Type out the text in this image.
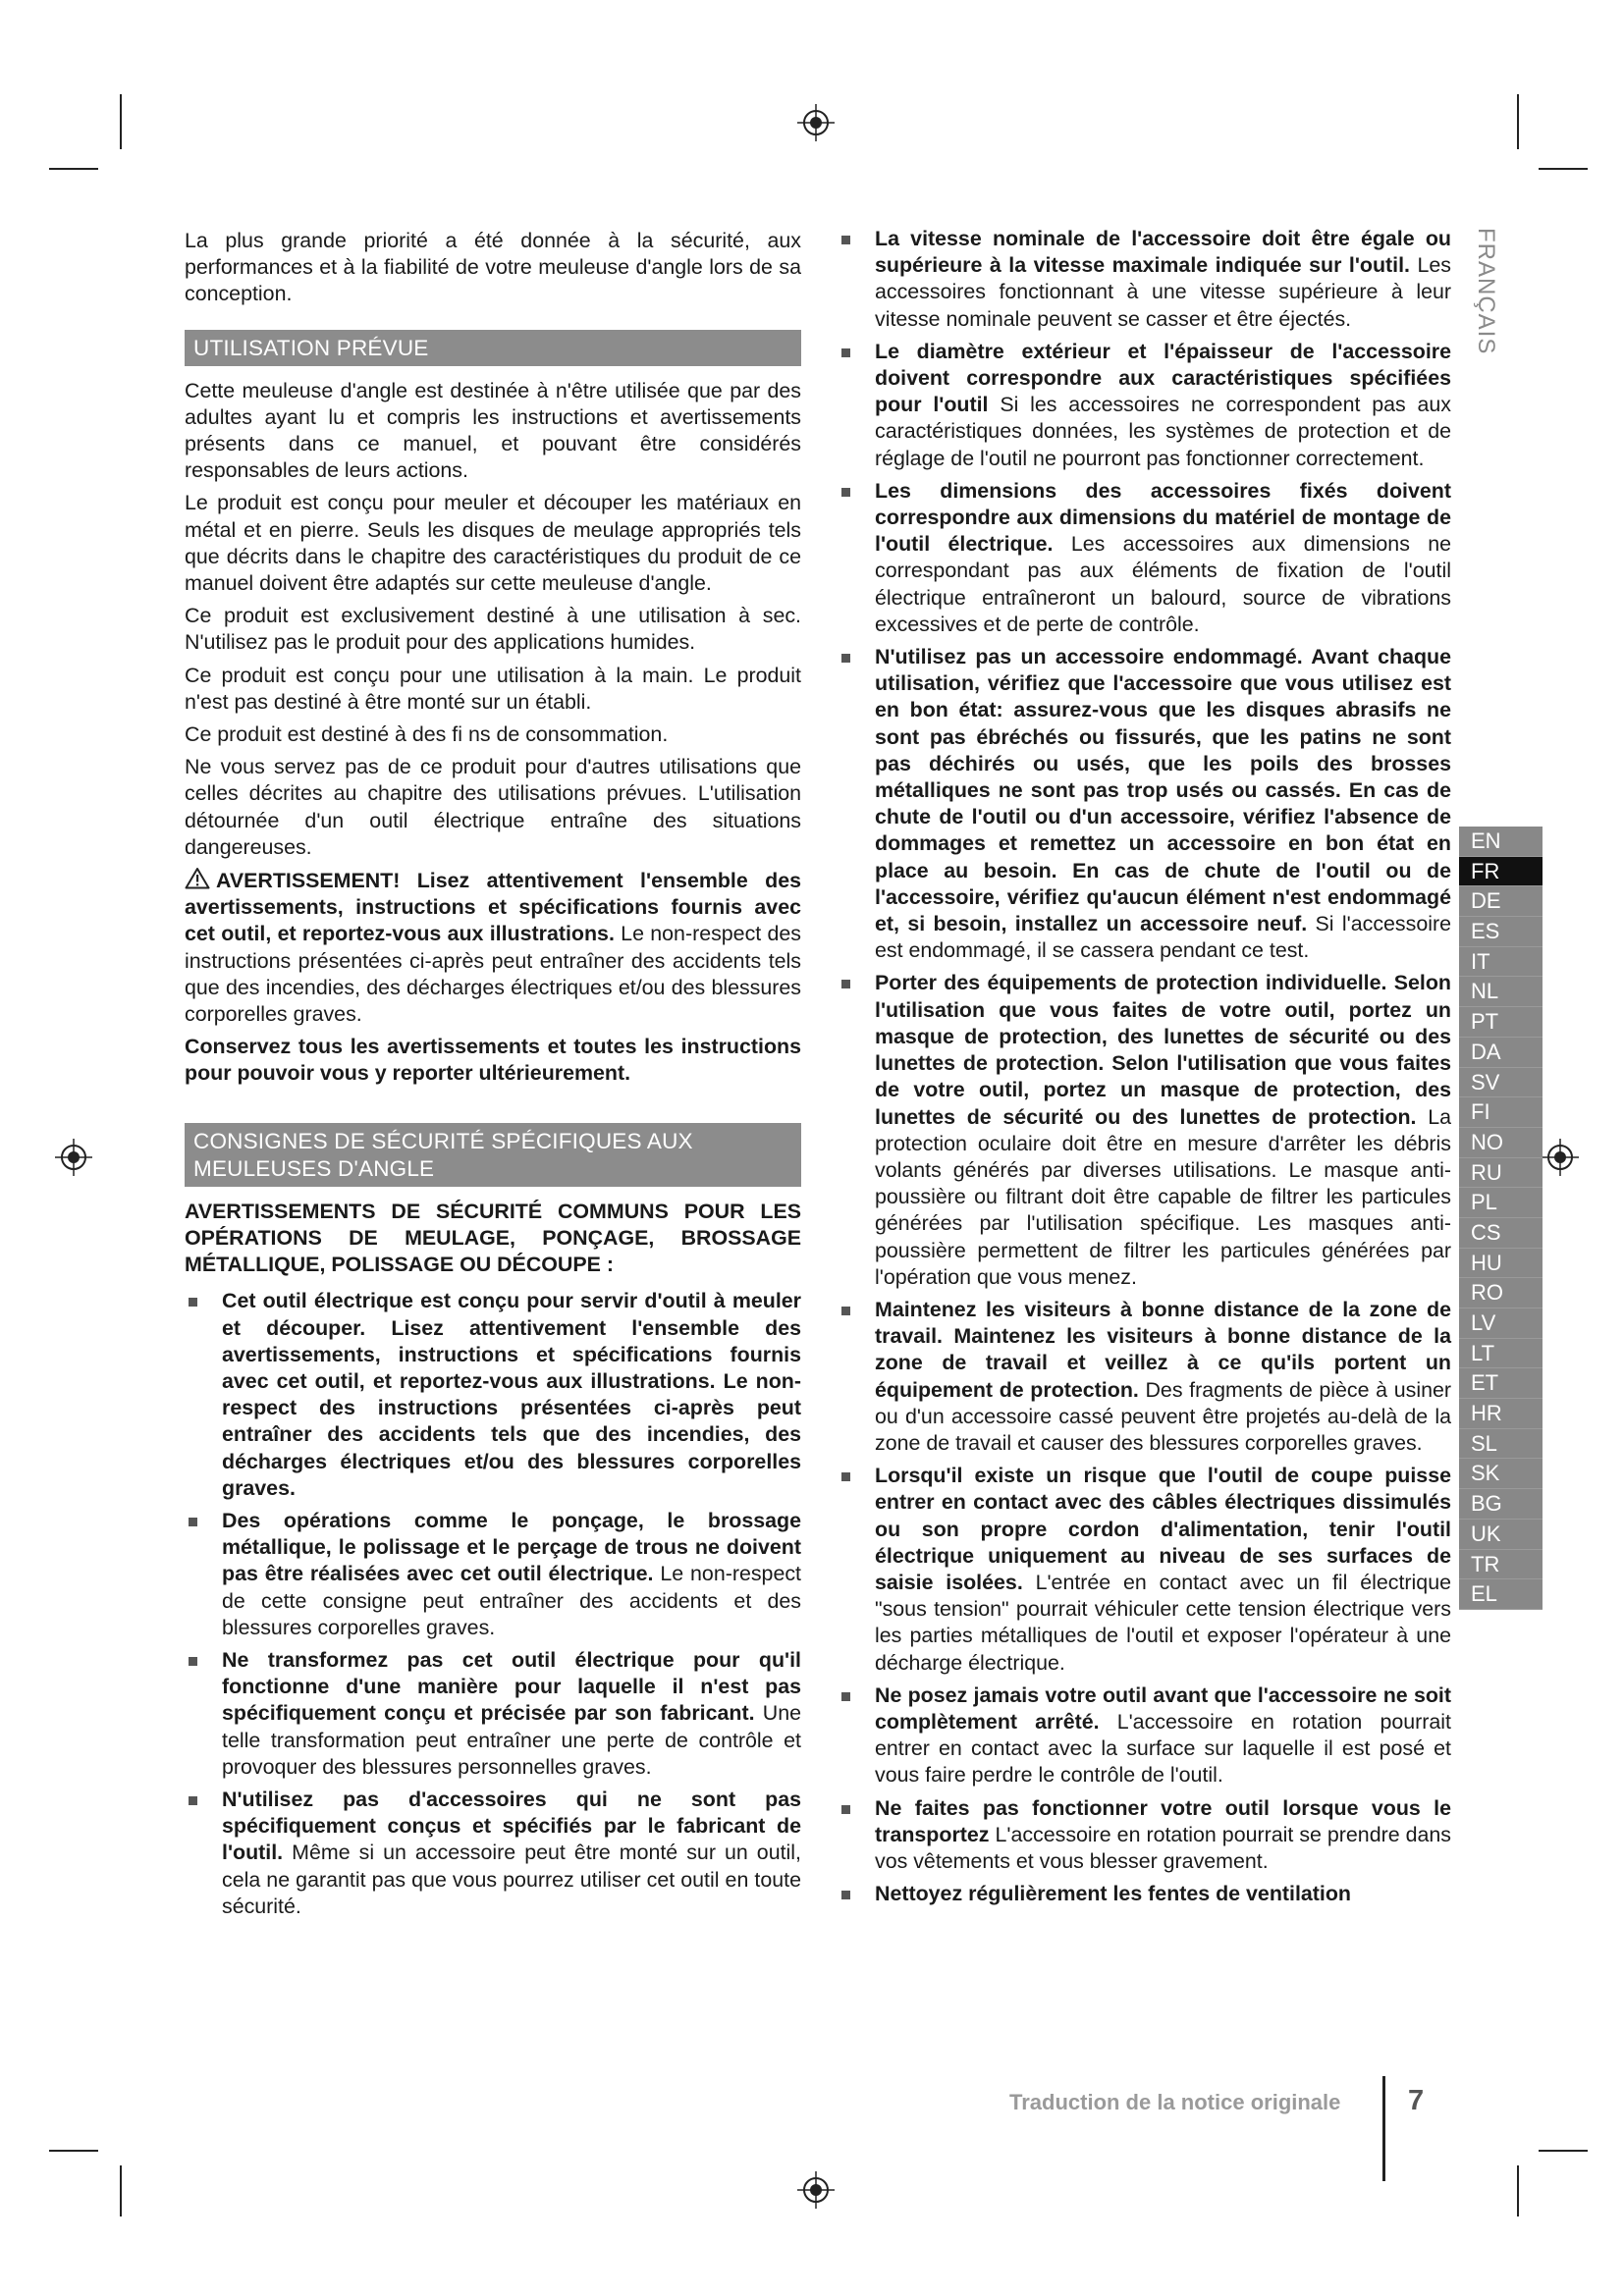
La plus grande priorité a été donnée à la sécurité, aux performances et à la fiabilité de votre meuleuse d'angle lors de sa conception.

UTILISATION PRÉVUE

Cette meuleuse d'angle est destinée à n'être utilisée que par des adultes ayant lu et compris les instructions et avertissements présents dans ce manuel, et pouvant être considérés responsables de leurs actions.

Le produit est conçu pour meuler et découper les matériaux en métal et en pierre. Seuls les disques de meulage appropriés tels que décrits dans le chapitre des caractéristiques du produit de ce manuel doivent être adaptés sur cette meuleuse d'angle.

Ce produit est exclusivement destiné à une utilisation à sec. N'utilisez pas le produit pour des applications humides.

Ce produit est conçu pour une utilisation à la main. Le produit n'est pas destiné à être monté sur un établi.

Ce produit est destiné à des fi ns de consommation.

Ne vous servez pas de ce produit pour d'autres utilisations que celles décrites au chapitre des utilisations prévues. L'utilisation détournée d'un outil électrique entraîne des situations dangereuses.

AVERTISSEMENT! Lisez attentivement l'ensemble des avertissements, instructions et spécifications fournis avec cet outil, et reportez-vous aux illustrations. Le non-respect des instructions présentées ci-après peut entraîner des accidents tels que des incendies, des décharges électriques et/ou des blessures corporelles graves.

Conservez tous les avertissements et toutes les instructions pour pouvoir vous y reporter ultérieurement.

CONSIGNES DE SÉCURITÉ SPÉCIFIQUES AUX MEULEUSES D'ANGLE
AVERTISSEMENTS DE SÉCURITÉ COMMUNS POUR LES OPÉRATIONS DE MEULAGE, PONÇAGE, BROSSAGE MÉTALLIQUE, POLISSAGE OU DÉCOUPE :
Cet outil électrique est conçu pour servir d'outil à meuler et découper. Lisez attentivement l'ensemble des avertissements, instructions et spécifications fournis avec cet outil, et reportez-vous aux illustrations. Le non-respect des instructions présentées ci-après peut entraîner des accidents tels que des incendies, des décharges électriques et/ou des blessures corporelles graves.
Des opérations comme le ponçage, le brossage métallique, le polissage et le perçage de trous ne doivent pas être réalisées avec cet outil électrique. Le non-respect de cette consigne peut entraîner des accidents et des blessures corporelles graves.
Ne transformez pas cet outil électrique pour qu'il fonctionne d'une manière pour laquelle il n'est pas spécifiquement conçu et précisée par son fabricant. Une telle transformation peut entraîner une perte de contrôle et provoquer des blessures personnelles graves.
N'utilisez pas d'accessoires qui ne sont pas spécifiquement conçus et spécifiés par le fabricant de l'outil. Même si un accessoire peut être monté sur un outil, cela ne garantit pas que vous pourrez utiliser cet outil en toute sécurité.
La vitesse nominale de l'accessoire doit être égale ou supérieure à la vitesse maximale indiquée sur l'outil. Les accessoires fonctionnant à une vitesse supérieure à leur vitesse nominale peuvent se casser et être éjectés.
Le diamètre extérieur et l'épaisseur de l'accessoire doivent correspondre aux caractéristiques spécifiées pour l'outil Si les accessoires ne correspondent pas aux caractéristiques données, les systèmes de protection et de réglage de l'outil ne pourront pas fonctionner correctement.
Les dimensions des accessoires fixés doivent correspondre aux dimensions du matériel de montage de l'outil électrique. Les accessoires aux dimensions ne correspondant pas aux éléments de fixation de l'outil électrique entraîneront un balourd, source de vibrations excessives et de perte de contrôle.
N'utilisez pas un accessoire endommagé. Avant chaque utilisation, vérifiez que l'accessoire que vous utilisez est en bon état: assurez-vous que les disques abrasifs ne sont pas ébréchés ou fissurés, que les patins ne sont pas déchirés ou usés, que les poils des brosses métalliques ne sont pas trop usés ou cassés. En cas de chute de l'outil ou d'un accessoire, vérifiez l'absence de dommages et remettez un accessoire en bon état en place au besoin. En cas de chute de l'outil ou de l'accessoire, vérifiez qu'aucun élément n'est endommagé et, si besoin, installez un accessoire neuf. Si l'accessoire est endommagé, il se cassera pendant ce test.
Porter des équipements de protection individuelle. Selon l'utilisation que vous faites de votre outil, portez un masque de protection, des lunettes de sécurité ou des lunettes de protection. Selon l'utilisation que vous faites de votre outil, portez un masque de protection, des lunettes de sécurité ou des lunettes de protection. La protection oculaire doit être en mesure d'arrêter les débris volants générés par diverses utilisations. Le masque anti-poussière ou filtrant doit être capable de filtrer les particules générées par l'utilisation spécifique. Les masques anti-poussière permettent de filtrer les particules générées par l'opération que vous menez.
Maintenez les visiteurs à bonne distance de la zone de travail. Maintenez les visiteurs à bonne distance de la zone de travail et veillez à ce qu'ils portent un équipement de protection. Des fragments de pièce à usiner ou d'un accessoire cassé peuvent être projetés au-delà de la zone de travail et causer des blessures corporelles graves.
Lorsqu'il existe un risque que l'outil de coupe puisse entrer en contact avec des câbles électriques dissimulés ou son propre cordon d'alimentation, tenir l'outil électrique uniquement au niveau de ses surfaces de saisie isolées. L'entrée en contact avec un fil électrique "sous tension" pourrait véhiculer cette tension électrique vers les parties métalliques de l'outil et exposer l'opérateur à une décharge électrique.
Ne posez jamais votre outil avant que l'accessoire ne soit complètement arrêté. L'accessoire en rotation pourrait entrer en contact avec la surface sur laquelle il est posé et vous faire perdre le contrôle de l'outil.
Ne faites pas fonctionner votre outil lorsque vous le transportez L'accessoire en rotation pourrait se prendre dans vos vêtements et vous blesser gravement.
Nettoyez régulièrement les fentes de ventilation
FRANÇAIS
EN
FR
DE
ES
IT
NL
PT
DA
SV
FI
NO
RU
PL
CS
HU
RO
LV
LT
ET
HR
SL
SK
BG
UK
TR
EL
Traduction de la notice originale 7
